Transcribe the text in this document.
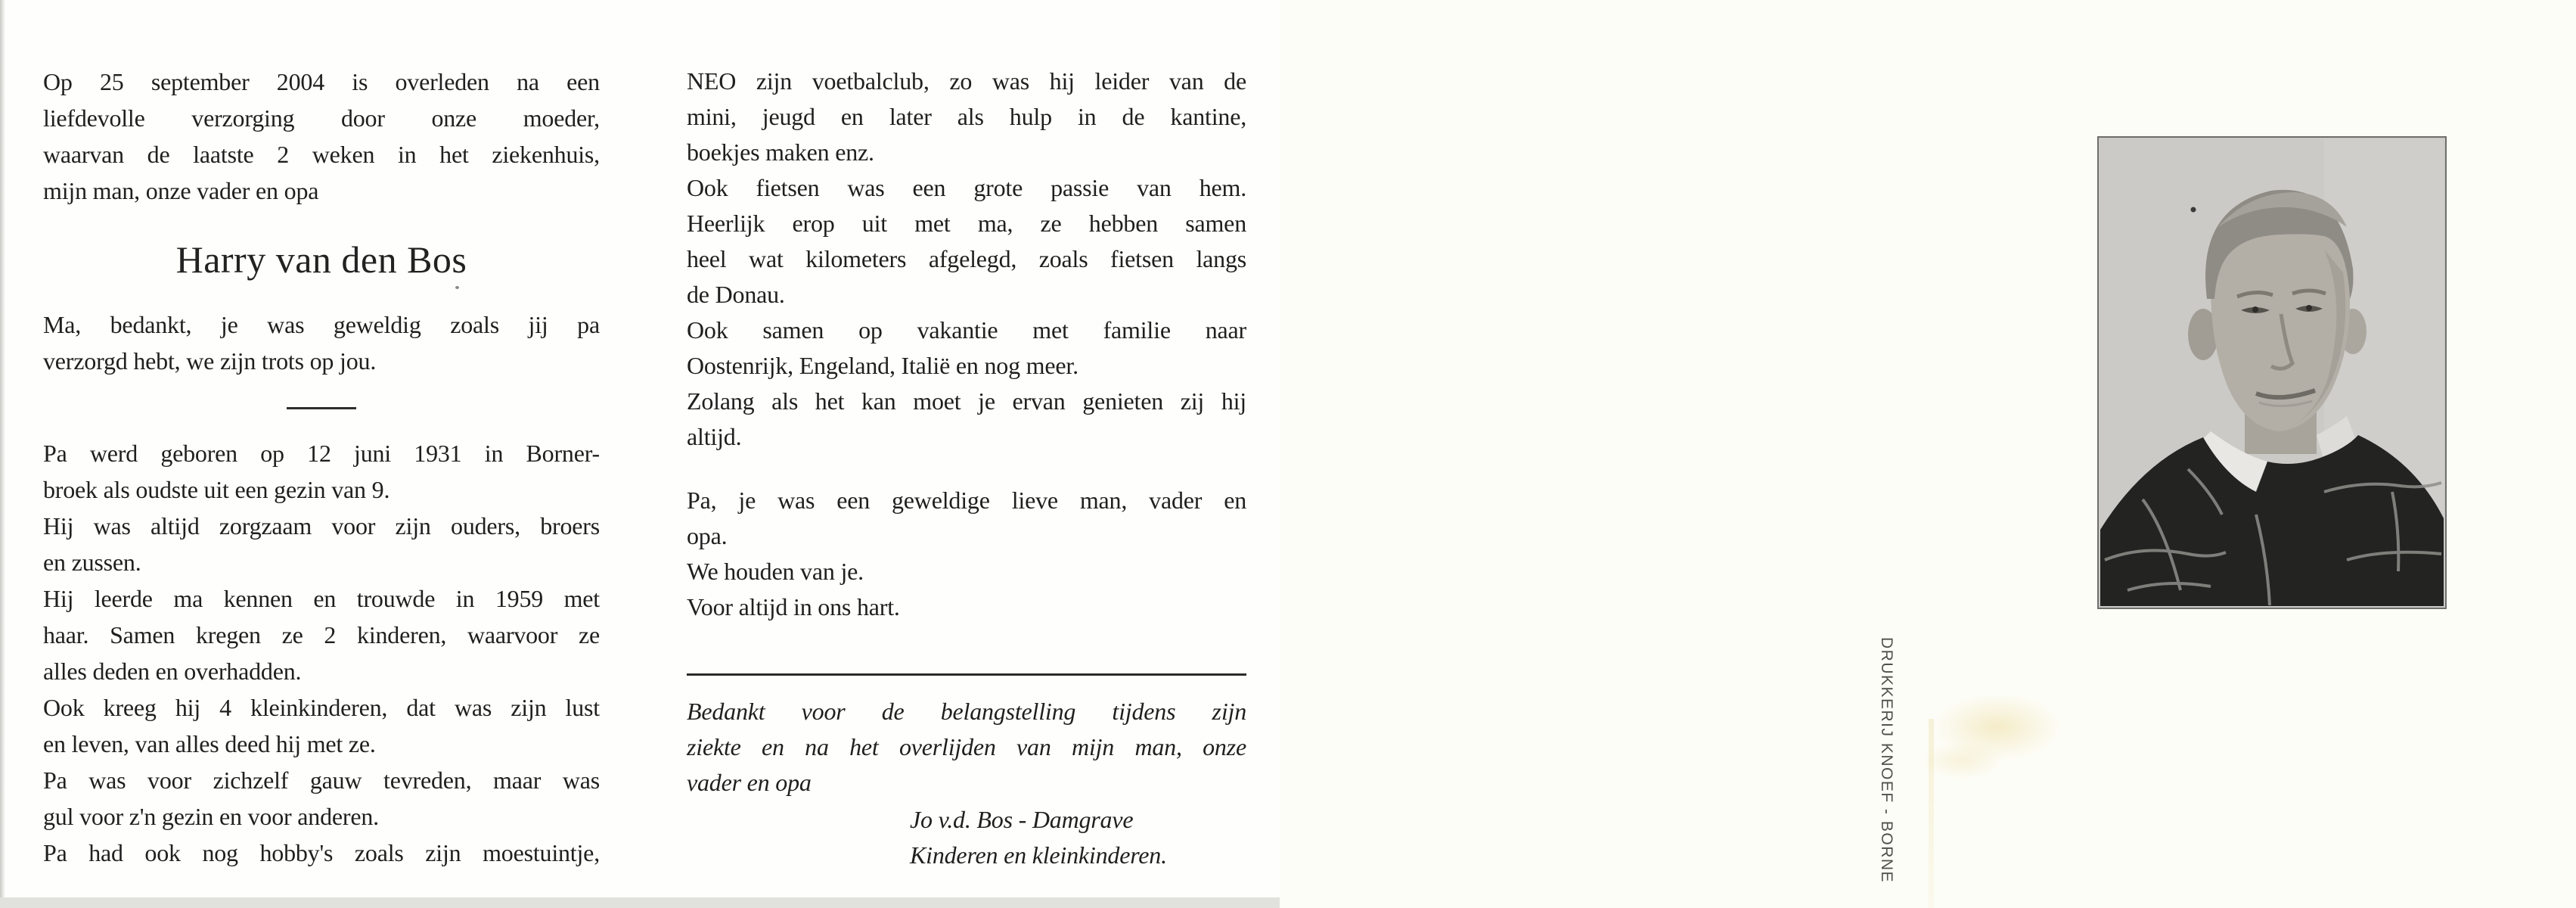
Op 25 september 2004 is overleden na een
liefdevolle verzorging door onze moeder,
waarvan de laatste 2 weken in het ziekenhuis,
mijn man, onze vader en opa
Harry van den Bos
Ma, bedankt, je was geweldig zoals jij pa
verzorgd hebt, we zijn trots op jou.
Pa werd geboren op 12 juni 1931 in Borner-
broek als oudste uit een gezin van 9.
Hij was altijd zorgzaam voor zijn ouders, broers
en zussen.
Hij leerde ma kennen en trouwde in 1959 met
haar. Samen kregen ze 2 kinderen, waarvoor ze
alles deden en overhadden.
Ook kreeg hij 4 kleinkinderen, dat was zijn lust
en leven, van alles deed hij met ze.
Pa was voor zichzelf gauw tevreden, maar was
gul voor z'n gezin en voor anderen.
Pa had ook nog hobby's zoals zijn moestuintje,
NEO zijn voetbalclub, zo was hij leider van de
mini, jeugd en later als hulp in de kantine,
boekjes maken enz.
Ook fietsen was een grote passie van hem.
Heerlijk erop uit met ma, ze hebben samen
heel wat kilometers afgelegd, zoals fietsen langs
de Donau.
Ook samen op vakantie met familie naar
Oostenrijk, Engeland, Italië en nog meer.
Zolang als het kan moet je ervan genieten zij hij
altijd.
Pa, je was een geweldige lieve man, vader en
opa.
We houden van je.
Voor altijd in ons hart.
Bedankt voor de belangstelling tijdens zijn
ziekte en na het overlijden van mijn man, onze
vader en opa
Jo v.d. Bos - Damgrave
Kinderen en kleinkinderen.	DRUKKERIJ KNOEF - BORNE
